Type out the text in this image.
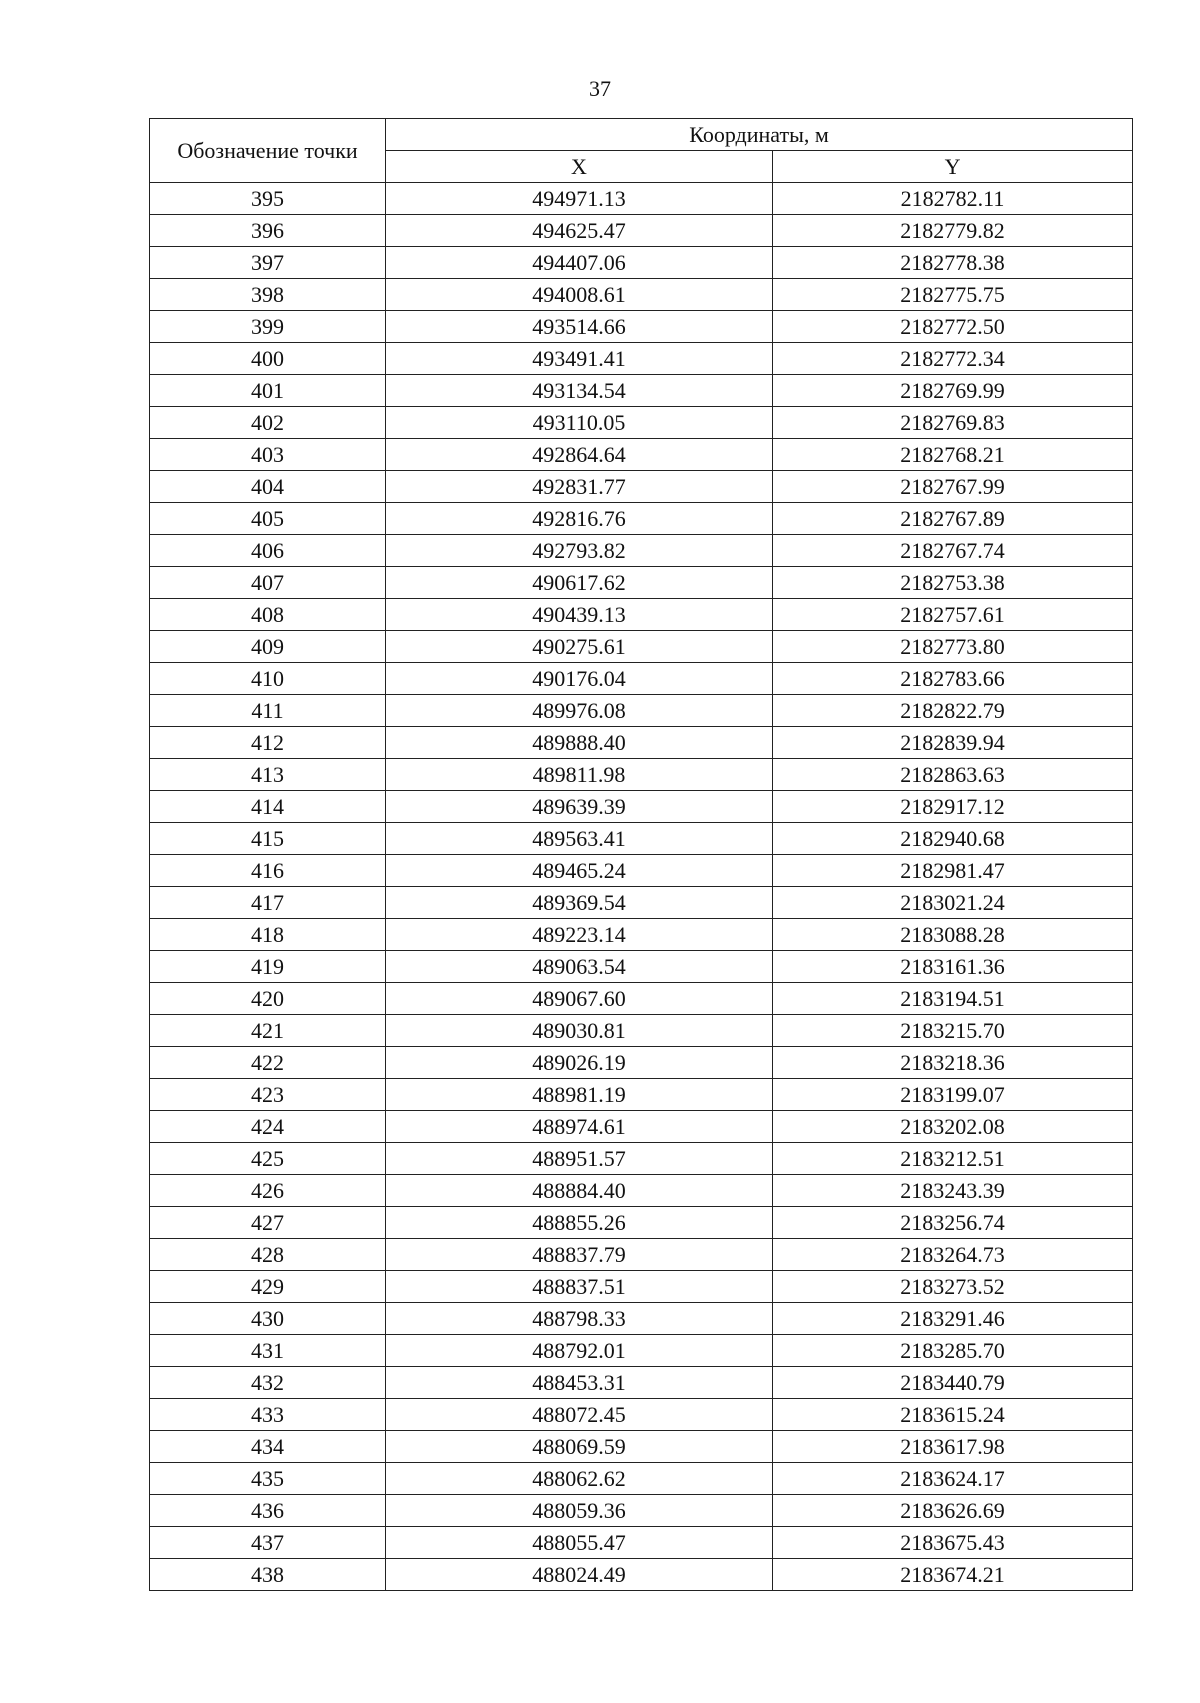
37
Обозначение точки	Координаты, м	
	X	Y
395	494971.13	2182782.11
396	494625.47	2182779.82
397	494407.06	2182778.38
398	494008.61	2182775.75
399	493514.66	2182772.50
400	493491.41	2182772.34
401	493134.54	2182769.99
402	493110.05	2182769.83
403	492864.64	2182768.21
404	492831.77	2182767.99
405	492816.76	2182767.89
406	492793.82	2182767.74
407	490617.62	2182753.38
408	490439.13	2182757.61
409	490275.61	2182773.80
410	490176.04	2182783.66
411	489976.08	2182822.79
412	489888.40	2182839.94
413	489811.98	2182863.63
414	489639.39	2182917.12
415	489563.41	2182940.68
416	489465.24	2182981.47
417	489369.54	2183021.24
418	489223.14	2183088.28
419	489063.54	2183161.36
420	489067.60	2183194.51
421	489030.81	2183215.70
422	489026.19	2183218.36
423	488981.19	2183199.07
424	488974.61	2183202.08
425	488951.57	2183212.51
426	488884.40	2183243.39
427	488855.26	2183256.74
428	488837.79	2183264.73
429	488837.51	2183273.52
430	488798.33	2183291.46
431	488792.01	2183285.70
432	488453.31	2183440.79
433	488072.45	2183615.24
434	488069.59	2183617.98
435	488062.62	2183624.17
436	488059.36	2183626.69
437	488055.47	2183675.43
438	488024.49	2183674.21
